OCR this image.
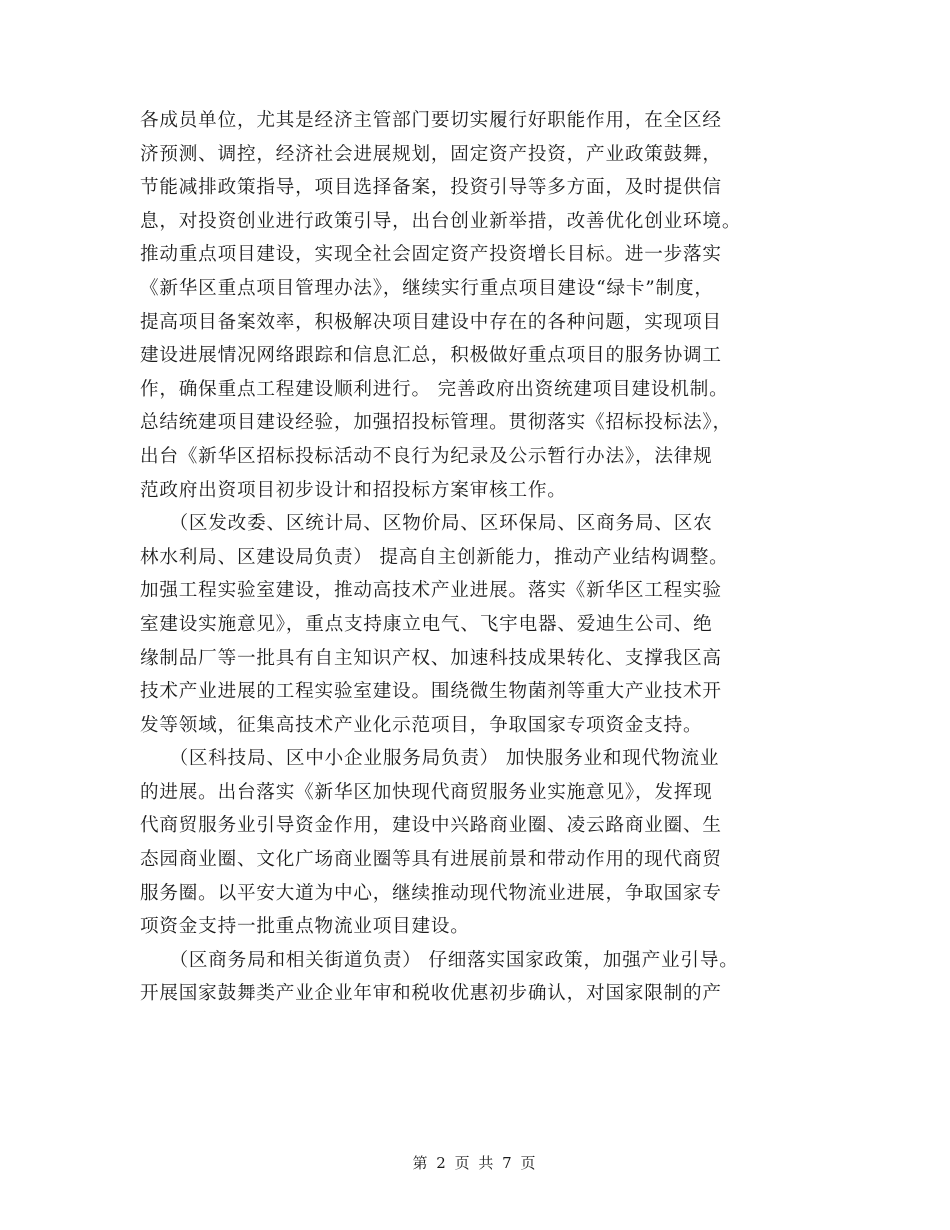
各成员单位，尤其是经济主管部门要切实履行好职能作用，在全区经
济预测、调控，经济社会进展规划，固定资产投资，产业政策鼓舞，
节能减排政策指导，项目选择备案，投资引导等多方面，及时提供信
息，对投资创业进行政策引导，出台创业新举措，改善优化创业环境。
推动重点项目建设，实现全社会固定资产投资增长目标。进一步落实
《新华区重点项目管理办法》，继续实行重点项目建设“绿卡”制度，
提高项目备案效率，积极解决项目建设中存在的各种问题，实现项目
建设进展情况网络跟踪和信息汇总，积极做好重点项目的服务协调工
作，确保重点工程建设顺利进行。 完善政府出资统建项目建设机制。
总结统建项目建设经验，加强招投标管理。贯彻落实《招标投标法》，
出台《新华区招标投标活动不良行为纪录及公示暂行办法》，法律规
范政府出资项目初步设计和招投标方案审核工作。
　　（区发改委、区统计局、区物价局、区环保局、区商务局、区农
林水利局、区建设局负责） 提高自主创新能力，推动产业结构调整。
加强工程实验室建设，推动高技术产业进展。落实《新华区工程实验
室建设实施意见》，重点支持康立电气、飞宇电器、爱迪生公司、绝
缘制品厂等一批具有自主知识产权、加速科技成果转化、支撑我区高
技术产业进展的工程实验室建设。围绕微生物菌剂等重大产业技术开
发等领域，征集高技术产业化示范项目，争取国家专项资金支持。
　　（区科技局、区中小企业服务局负责） 加快服务业和现代物流业
的进展。出台落实《新华区加快现代商贸服务业实施意见》，发挥现
代商贸服务业引导资金作用，建设中兴路商业圈、凌云路商业圈、生
态园商业圈、文化广场商业圈等具有进展前景和带动作用的现代商贸
服务圈。以平安大道为中心，继续推动现代物流业进展，争取国家专
项资金支持一批重点物流业项目建设。
　　（区商务局和相关街道负责） 仔细落实国家政策，加强产业引导。
开展国家鼓舞类产业企业年审和税收优惠初步确认，对国家限制的产
第 2 页 共 7 页
